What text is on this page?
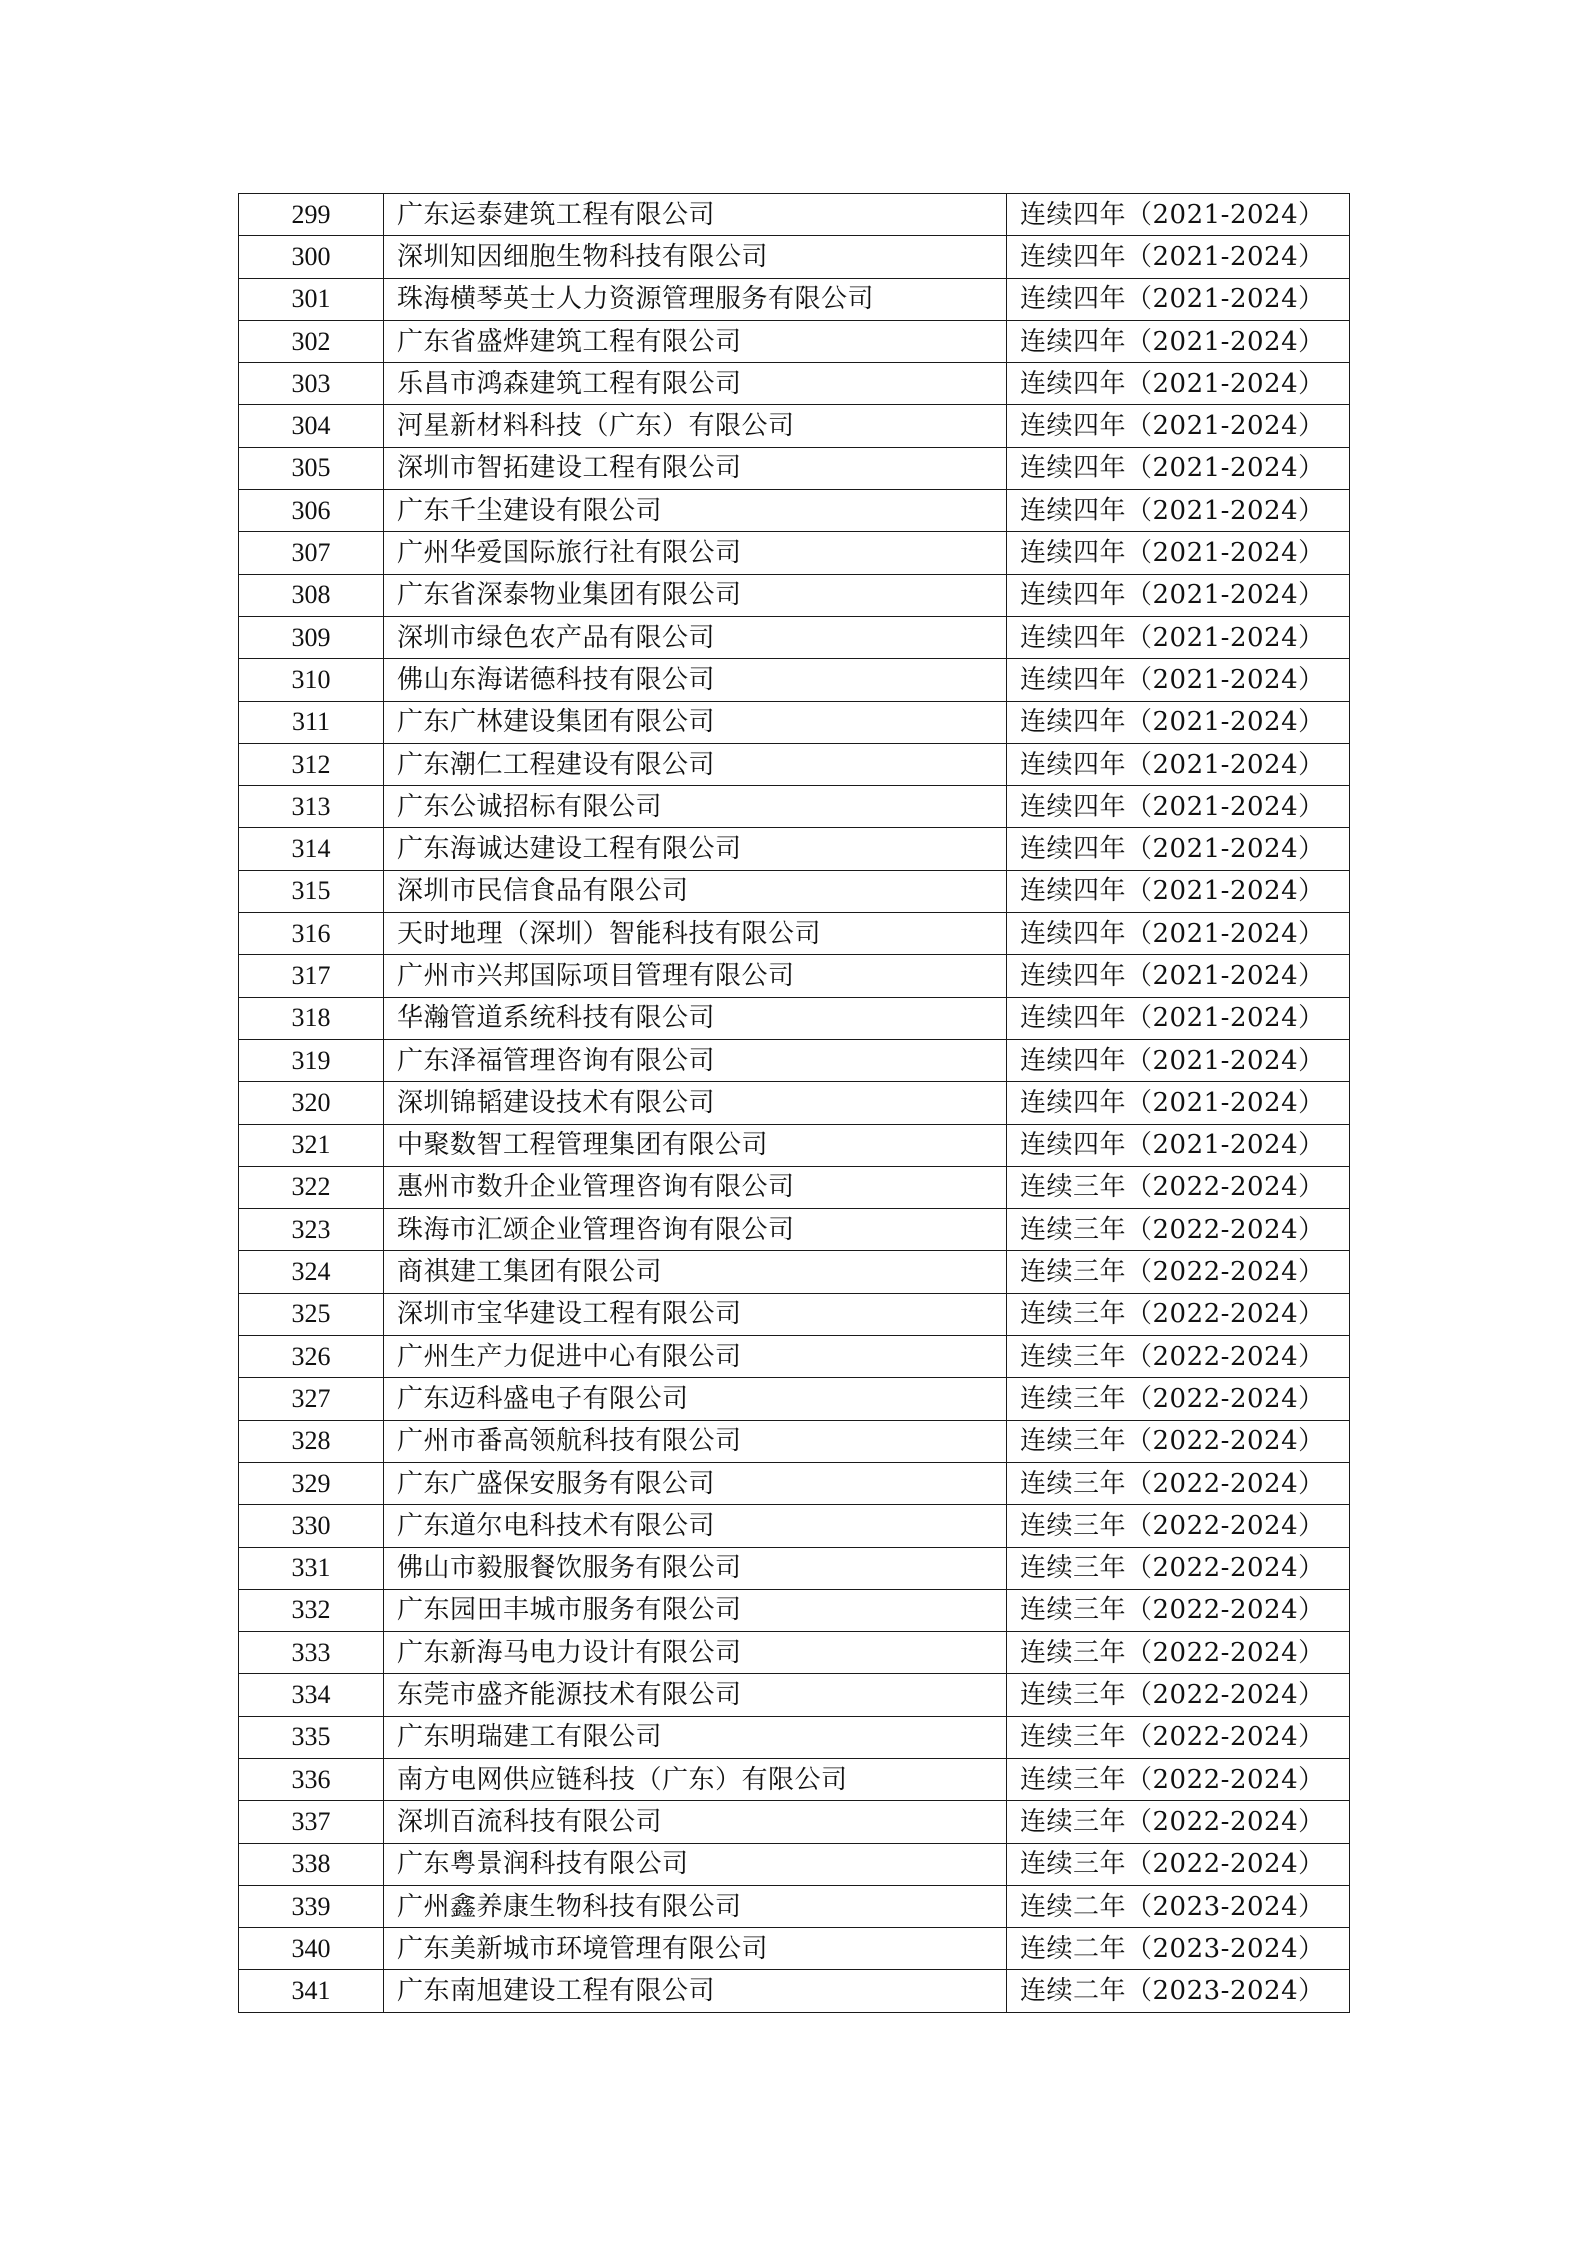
299	广东运泰建筑工程有限公司	连续四年（2021-2024）
300	深圳知因细胞生物科技有限公司	连续四年（2021-2024）
301	珠海横琴英士人力资源管理服务有限公司	连续四年（2021-2024）
302	广东省盛烨建筑工程有限公司	连续四年（2021-2024）
303	乐昌市鸿森建筑工程有限公司	连续四年（2021-2024）
304	河星新材料科技（广东）有限公司	连续四年（2021-2024）
305	深圳市智拓建设工程有限公司	连续四年（2021-2024）
306	广东千尘建设有限公司	连续四年（2021-2024）
307	广州华爱国际旅行社有限公司	连续四年（2021-2024）
308	广东省深泰物业集团有限公司	连续四年（2021-2024）
309	深圳市绿色农产品有限公司	连续四年（2021-2024）
310	佛山东海诺德科技有限公司	连续四年（2021-2024）
311	广东广林建设集团有限公司	连续四年（2021-2024）
312	广东潮仁工程建设有限公司	连续四年（2021-2024）
313	广东公诚招标有限公司	连续四年（2021-2024）
314	广东海诚达建设工程有限公司	连续四年（2021-2024）
315	深圳市民信食品有限公司	连续四年（2021-2024）
316	天时地理（深圳）智能科技有限公司	连续四年（2021-2024）
317	广州市兴邦国际项目管理有限公司	连续四年（2021-2024）
318	华瀚管道系统科技有限公司	连续四年（2021-2024）
319	广东泽福管理咨询有限公司	连续四年（2021-2024）
320	深圳锦韬建设技术有限公司	连续四年（2021-2024）
321	中聚数智工程管理集团有限公司	连续四年（2021-2024）
322	惠州市数升企业管理咨询有限公司	连续三年（2022-2024）
323	珠海市汇颂企业管理咨询有限公司	连续三年（2022-2024）
324	商祺建工集团有限公司	连续三年（2022-2024）
325	深圳市宝华建设工程有限公司	连续三年（2022-2024）
326	广州生产力促进中心有限公司	连续三年（2022-2024）
327	广东迈科盛电子有限公司	连续三年（2022-2024）
328	广州市番高领航科技有限公司	连续三年（2022-2024）
329	广东广盛保安服务有限公司	连续三年（2022-2024）
330	广东道尔电科技术有限公司	连续三年（2022-2024）
331	佛山市毅服餐饮服务有限公司	连续三年（2022-2024）
332	广东园田丰城市服务有限公司	连续三年（2022-2024）
333	广东新海马电力设计有限公司	连续三年（2022-2024）
334	东莞市盛齐能源技术有限公司	连续三年（2022-2024）
335	广东明瑞建工有限公司	连续三年（2022-2024）
336	南方电网供应链科技（广东）有限公司	连续三年（2022-2024）
337	深圳百流科技有限公司	连续三年（2022-2024）
338	广东粤景润科技有限公司	连续三年（2022-2024）
339	广州鑫养康生物科技有限公司	连续二年（2023-2024）
340	广东美新城市环境管理有限公司	连续二年（2023-2024）
341	广东南旭建设工程有限公司	连续二年（2023-2024）
